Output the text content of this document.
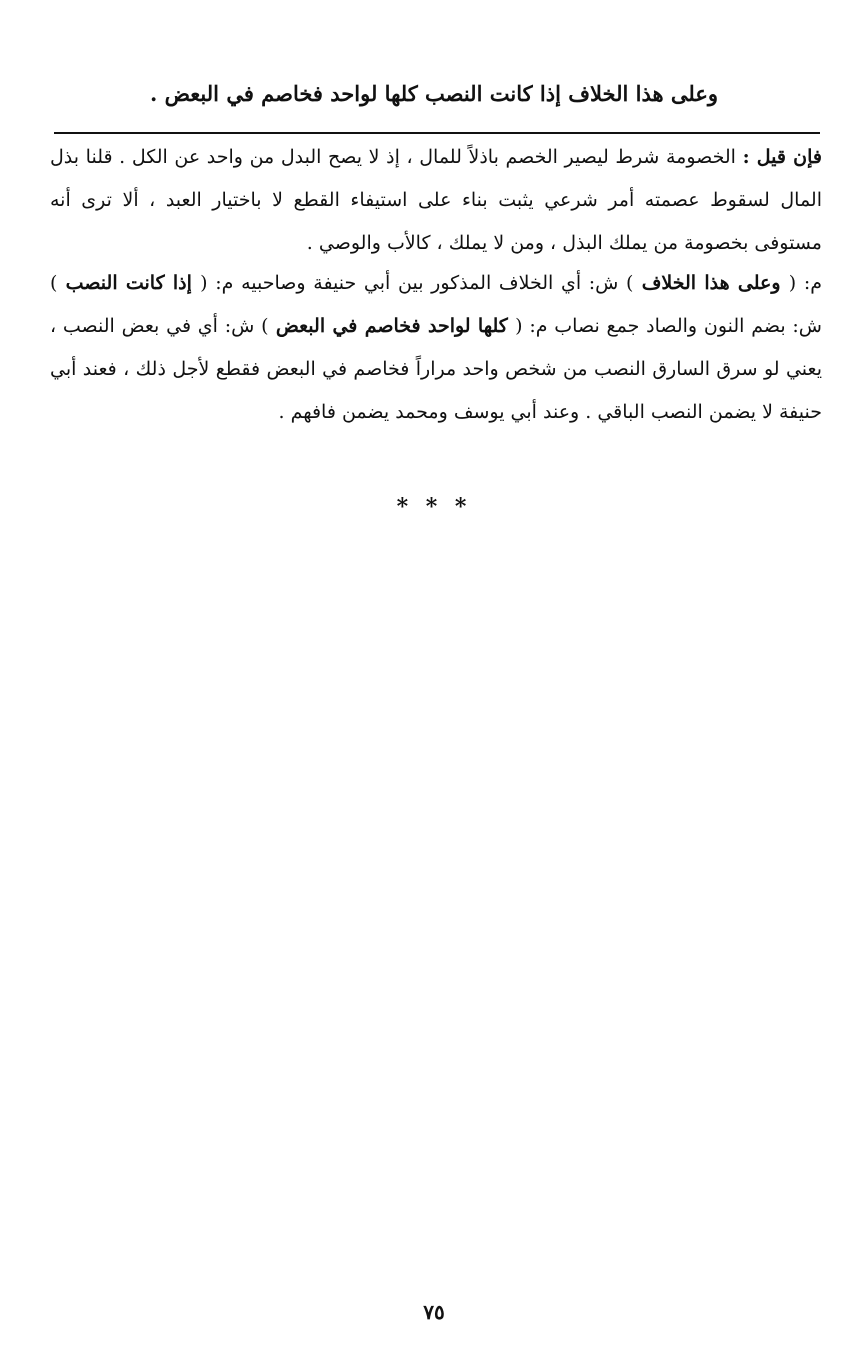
وعلى هذا الخلاف إذا كانت النصب كلها لواحد فخاصم في البعض .
فإن قيل : الخصومة شرط ليصير الخصم باذلاً للمال ، إذ لا يصح البدل من واحد عن الكل . قلنا بذل المال لسقوط عصمته أمر شرعي يثبت بناء على استيفاء القطع لا باختيار العبد ، ألا ترى أنه مستوفى بخصومة من يملك البذل ، ومن لا يملك ، كالأب والوصي .
م: ( وعلى هذا الخلاف ) ش: أي الخلاف المذكور بين أبي حنيفة وصاحبيه م: ( إذا كانت النصب ) ش: بضم النون والصاد جمع نصاب م: ( كلها لواحد فخاصم في البعض ) ش: أي في بعض النصب ، يعني لو سرق السارق النصب من شخص واحد مراراً فخاصم في البعض فقطع لأجل ذلك ، فعند أبي حنيفة لا يضمن النصب الباقي . وعند أبي يوسف ومحمد يضمن فافهم .
* * *
٧٥
